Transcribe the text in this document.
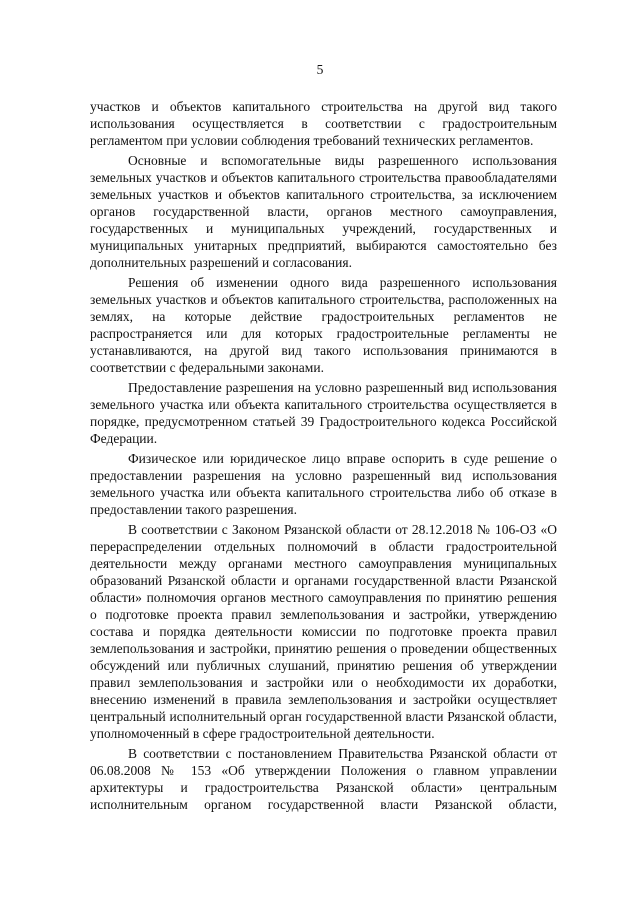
5

участков и объектов капитального строительства на другой вид такого использования осуществляется в соответствии с градостроительным регламентом при условии соблюдения требований технических регламентов.

Основные и вспомогательные виды разрешенного использования земельных участков и объектов капитального строительства правообладателями земельных участков и объектов капитального строительства, за исключением органов государственной власти, органов местного самоуправления, государственных и муниципальных учреждений, государственных и муниципальных унитарных предприятий, выбираются самостоятельно без дополнительных разрешений и согласования.

Решения об изменении одного вида разрешенного использования земельных участков и объектов капитального строительства, расположенных на землях, на которые действие градостроительных регламентов не распространяется или для которых градостроительные регламенты не устанавливаются, на другой вид такого использования принимаются в соответствии с федеральными законами.

Предоставление разрешения на условно разрешенный вид использования земельного участка или объекта капитального строительства осуществляется в порядке, предусмотренном статьей 39 Градостроительного кодекса Российской Федерации.

Физическое или юридическое лицо вправе оспорить в суде решение о предоставлении разрешения на условно разрешенный вид использования земельного участка или объекта капитального строительства либо об отказе в предоставлении такого разрешения.

В соответствии с Законом Рязанской области от 28.12.2018 № 106-ОЗ «О перераспределении отдельных полномочий в области градостроительной деятельности между органами местного самоуправления муниципальных образований Рязанской области и органами государственной власти Рязанской области» полномочия органов местного самоуправления по принятию решения о подготовке проекта правил землепользования и застройки, утверждению состава и порядка деятельности комиссии по подготовке проекта правил землепользования и застройки, принятию решения о проведении общественных обсуждений или публичных слушаний, принятию решения об утверждении правил землепользования и застройки или о необходимости их доработки, внесению изменений в правила землепользования и застройки осуществляет центральный исполнительный орган государственной власти Рязанской области, уполномоченный в сфере градостроительной деятельности.

В соответствии с постановлением Правительства Рязанской области от 06.08.2008 № 153 «Об утверждении Положения о главном управлении архитектуры и градостроительства Рязанской области» центральным исполнительным органом государственной власти Рязанской области,
